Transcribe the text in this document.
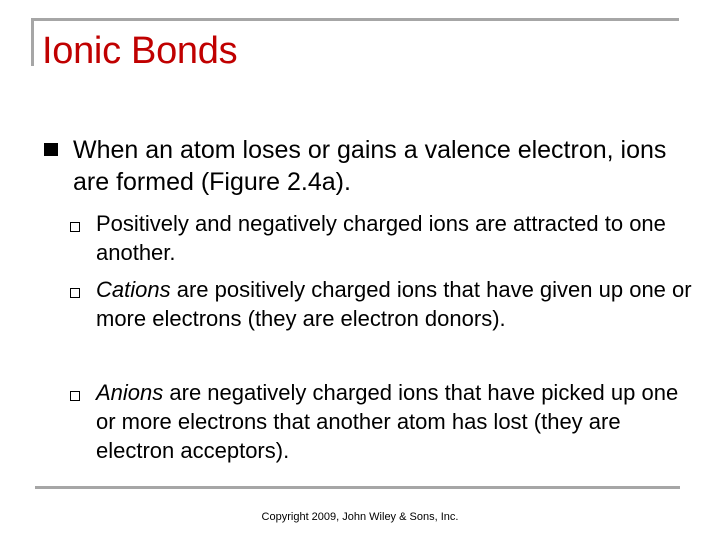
Ionic Bonds

When an atom loses or gains a valence electron, ions are formed (Figure 2.4a).

Positively and negatively charged ions are attracted to one another.

Cations are positively charged ions that have given up one or more electrons (they are electron donors).

Anions are negatively charged ions that have picked up one or more electrons that another atom has lost (they are electron acceptors).

Copyright 2009, John Wiley & Sons, Inc.
